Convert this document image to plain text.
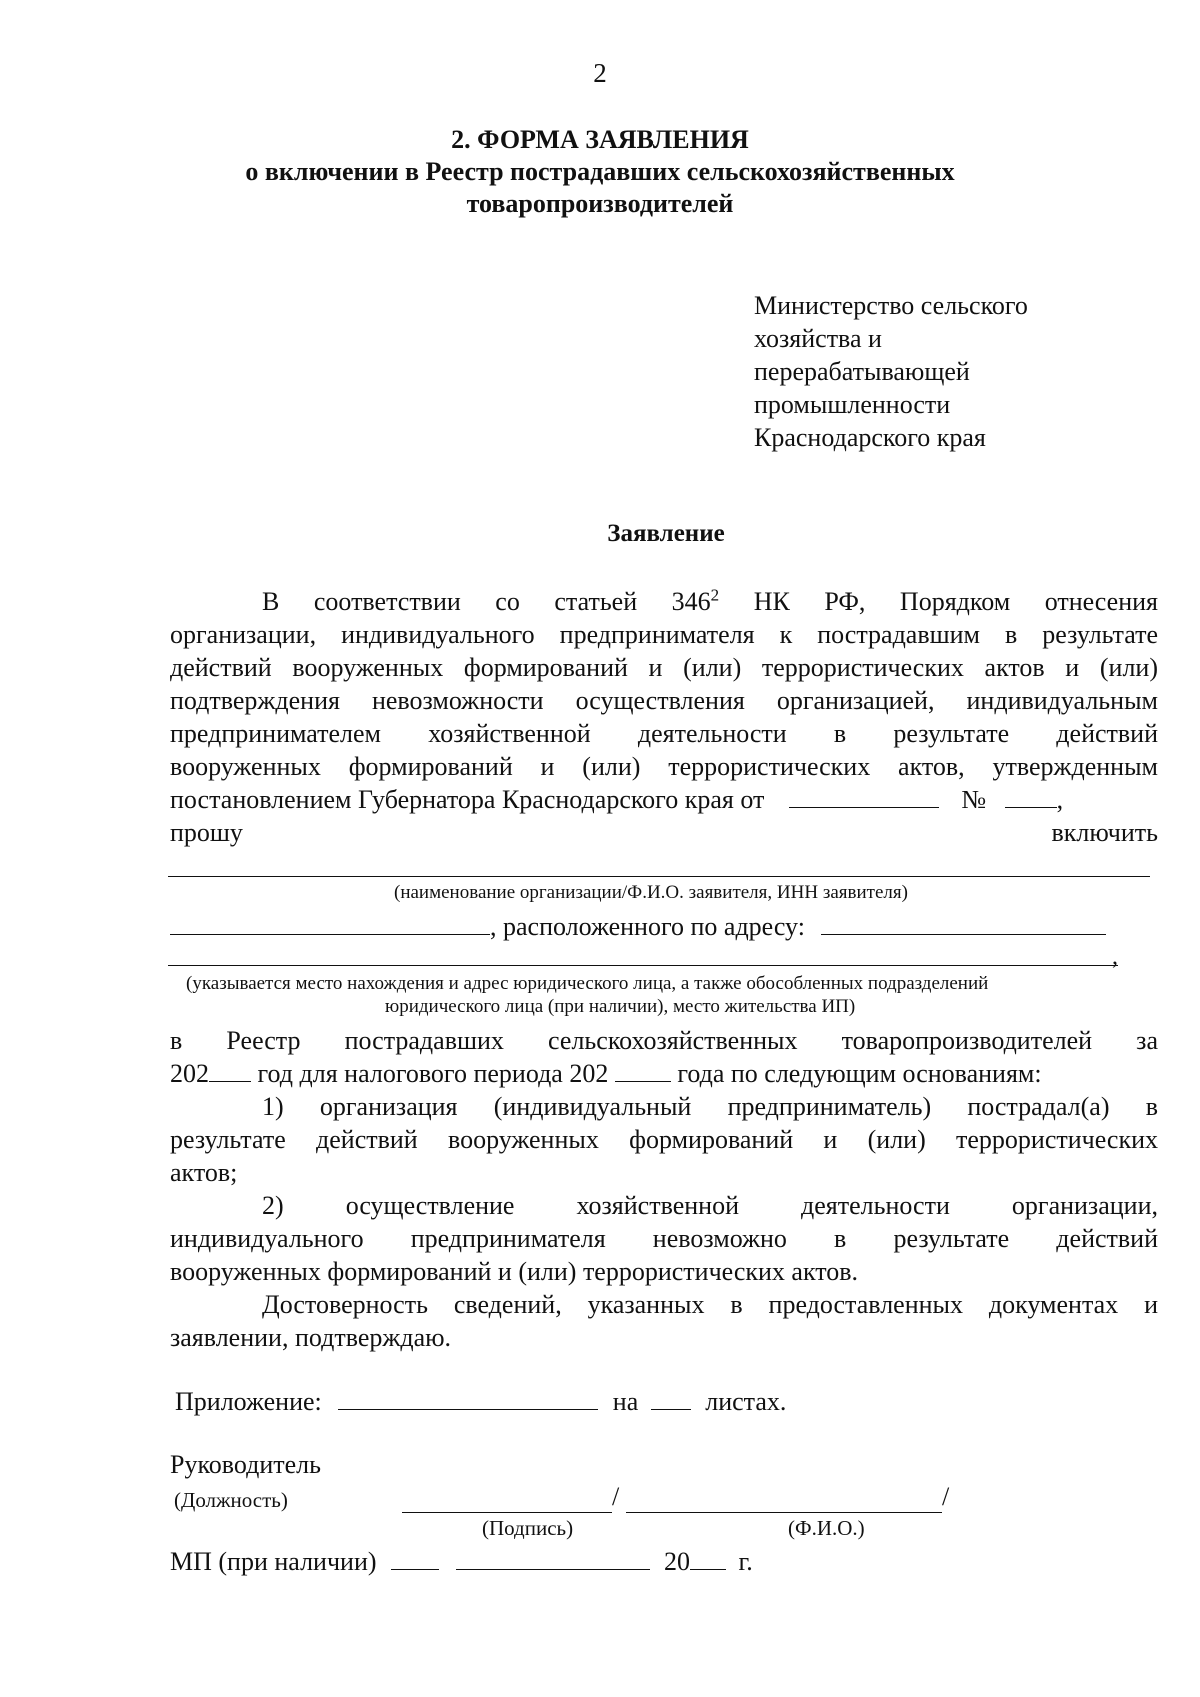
2
2. ФОРМА ЗАЯВЛЕНИЯ
о включении в Реестр пострадавших сельскохозяйственных
товаропроизводителей
Министерство сельского
хозяйства и
перерабатывающей
промышленности
Краснодарского края
Заявление
В соответствии со статьей $346^2$ НК РФ, Порядком отнесения
организации, индивидуального предпринимателя к пострадавшим в результате
действий вооруженных формирований и (или) террористических актов и (или)
подтверждения невозможности осуществления организацией, индивидуальным
предпринимателем хозяйственной деятельности в результате действий
вооруженных формирований и (или) террористических актов, утвержденным
постановлением Губернатора Краснодарского края от	№	,
прошу	включить
(наименование организации/Ф.И.О. заявителя, ИНН заявителя)
, расположенного по адресу:
,
(указывается место нахождения и адрес юридического лица, а также обособленных подразделений
юридического лица (при наличии), место жительства ИП)
в Реестр пострадавших сельскохозяйственных товаропроизводителей за
202 год для налогового периода 202  года по следующим основаниям:
1) организация (индивидуальный предприниматель) пострадал(а) в
результате действий вооруженных формирований и (или) террористических
актов;
2) осуществление хозяйственной деятельности организации,
индивидуального предпринимателя невозможно в результате действий
вооруженных формирований и (или) террористических актов.
Достоверность сведений, указанных в предоставленных документах и
заявлении, подтверждаю.
Приложение:	на	листах.
Руководитель
(Должность)	/	/
(Подпись)	(Ф.И.О.)
МП (при наличии)	20 г.
